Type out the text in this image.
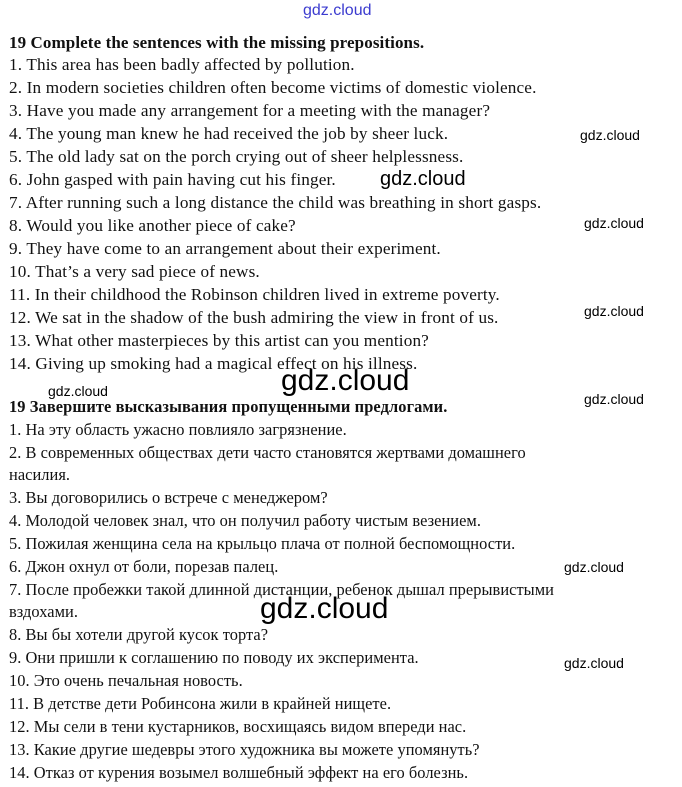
gdz.cloud
19 Complete the sentences with the missing prepositions.
1. This area has been badly affected by pollution.
2. In modern societies children often become victims of domestic violence.
3. Have you made any arrangement for a meeting with the manager?
4. The young man knew he had received the job by sheer luck.
5. The old lady sat on the porch crying out of sheer helplessness.
6. John gasped with pain having cut his finger.
7. After running such a long distance the child was breathing in short gasps.
8. Would you like another piece of cake?
9. They have come to an arrangement about their experiment.
10. That’s a very sad piece of news.
11. In their childhood the Robinson children lived in extreme poverty.
12. We sat in the shadow of the bush admiring the view in front of us.
13. What other masterpieces by this artist can you mention?
14. Giving up smoking had a magical effect on his illness.
19 Завершите высказывания пропущенными предлогами.
1. На эту область ужасно повлияло загрязнение.
2. В современных обществах дети часто становятся жертвами домашнего
насилия.
3. Вы договорились о встрече с менеджером?
4. Молодой человек знал, что он получил работу чистым везением.
5. Пожилая женщина села на крыльцо плача от полной беспомощности.
6. Джон охнул от боли, порезав палец.
7. После пробежки такой длинной дистанции, ребенок дышал прерывистыми
вздохами.
8. Вы бы хотели другой кусок торта?
9. Они пришли к соглашению по поводу их эксперимента.
10. Это очень печальная новость.
11. В детстве дети Робинсона жили в крайней нищете.
12. Мы сели в тени кустарников, восхищаясь видом впереди нас.
13. Какие другие шедевры этого художника вы можете упомянуть?
14. Отказ от курения возымел волшебный эффект на его болезнь.
gdz.cloud
gdz.cloud
gdz.cloud
gdz.cloud
gdz.cloud	gdz.cloud
gdz.cloud
gdz.cloud
gdz.cloud
gdz.cloud
